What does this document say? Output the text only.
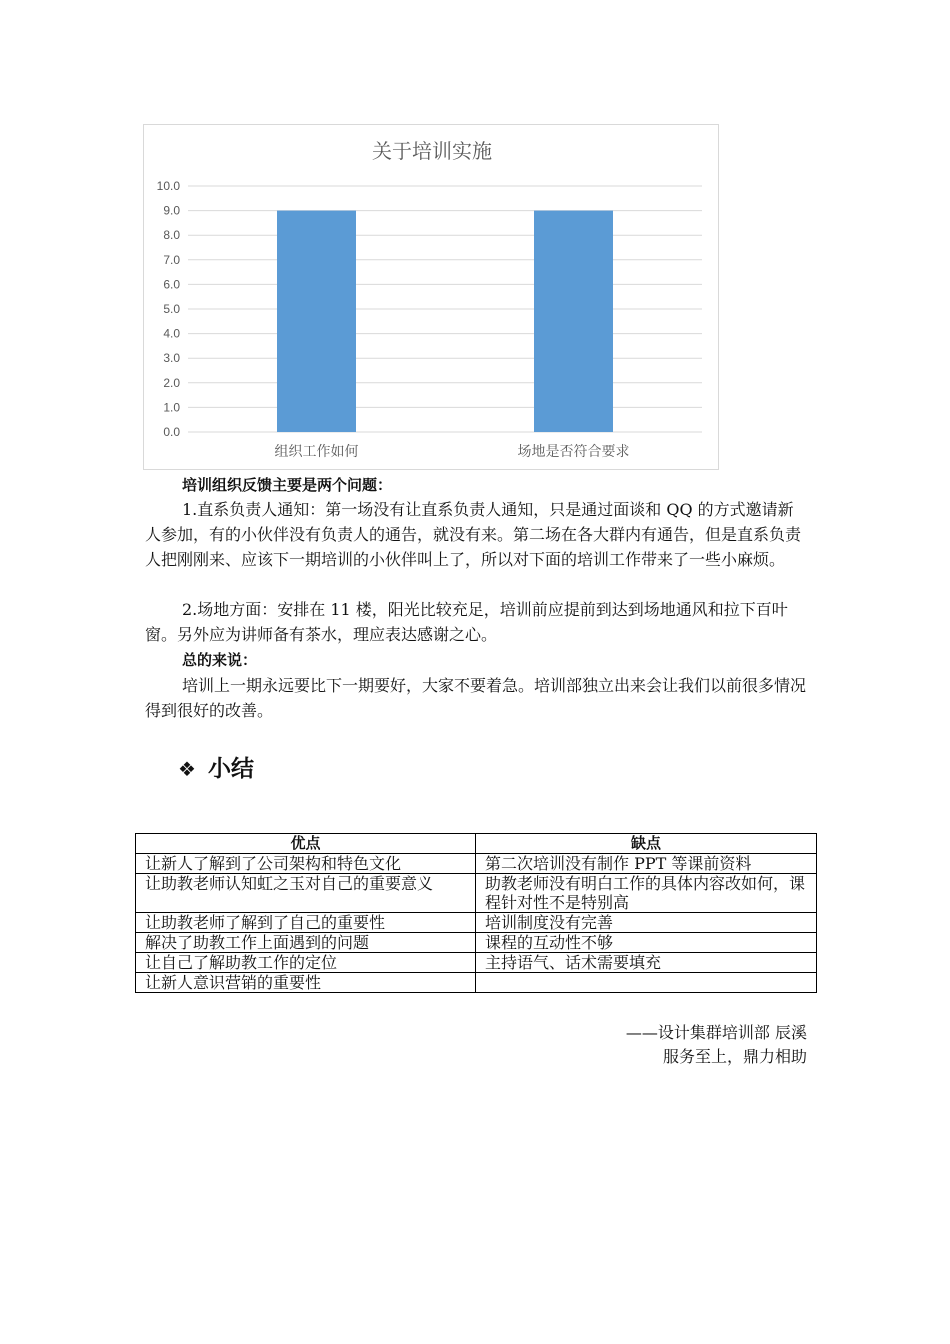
关于培训实施
0.0
1.0
2.0
3.0
4.0
5.0
6.0
7.0
8.0
9.0
10.0
组织工作如何	场地是否符合要求

培训组织反馈主要是两个问题：

1.直系负责人通知：第一场没有让直系负责人通知，只是通过面谈和 QQ 的方式邀请新人参加，有的小伙伴没有负责人的通告，就没有来。第二场在各大群内有通告，但是直系负责人把刚刚来、应该下一期培训的小伙伴叫上了，所以对下面的培训工作带来了一些小麻烦。

2.场地方面：安排在 11 楼，阳光比较充足，培训前应提前到达到场地通风和拉下百叶窗。另外应为讲师备有茶水，理应表达感谢之心。

总的来说：

培训上一期永远要比下一期要好，大家不要着急。培训部独立出来会让我们以前很多情况得到很好的改善。

❖ 小结
优点	缺点
让新人了解到了公司架构和特色文化	第二次培训没有制作 PPT 等课前资料
让助教老师认知虹之玉对自己的重要意义	助教老师没有明白工作的具体内容改如何，课程针对性不是特别高
让助教老师了解到了自己的重要性	培训制度没有完善
解决了助教工作上面遇到的问题	课程的互动性不够
让自己了解助教工作的定位	主持语气、话术需要填充
让新人意识营销的重要性	
——设计集群培训部 辰溪
服务至上，鼎力相助
